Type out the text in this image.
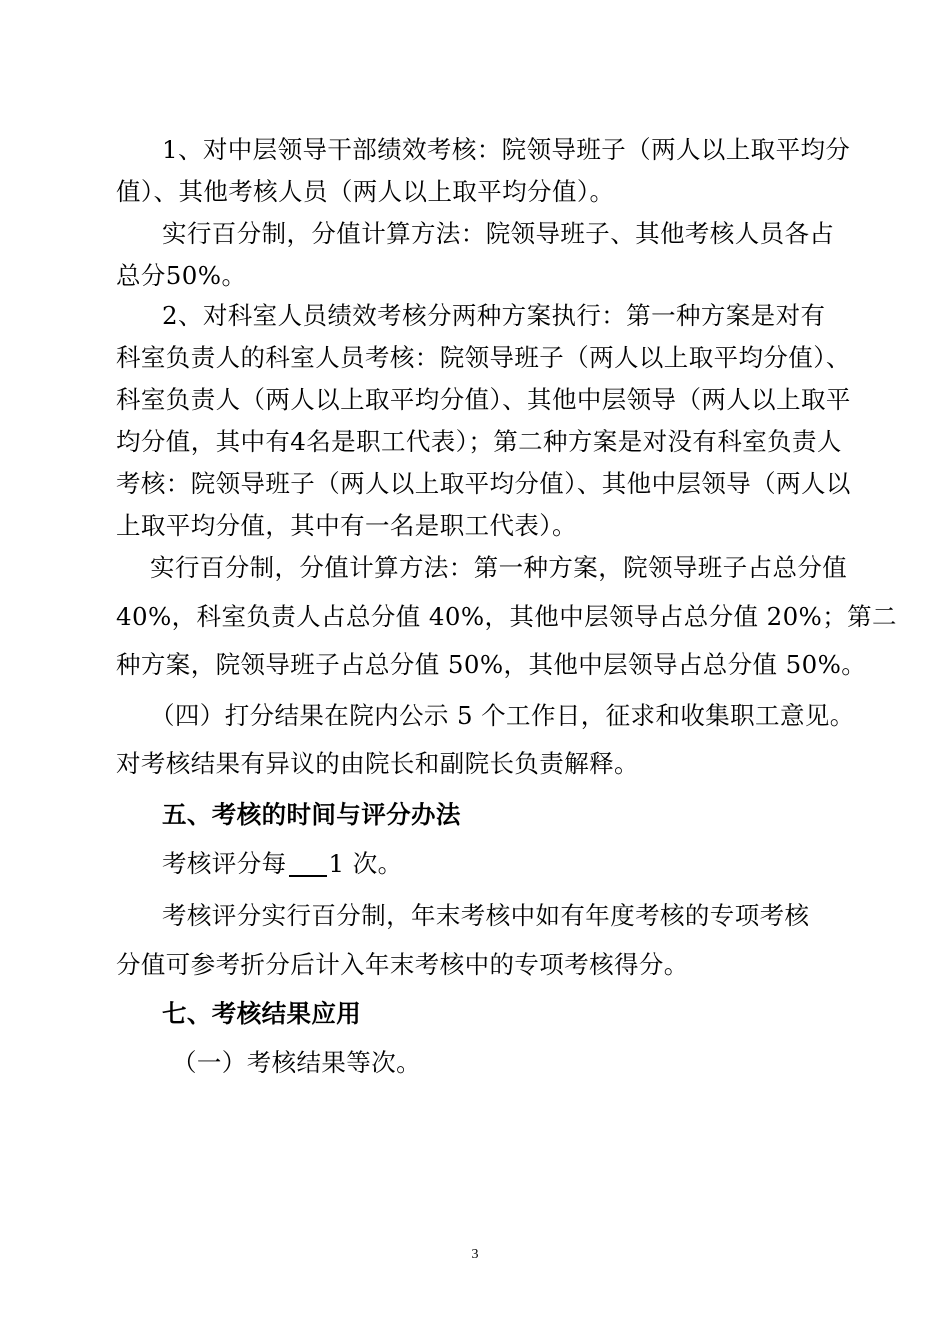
1、对中层领导干部绩效考核：院领导班子（两人以上取平均分
值）、其他考核人员（两人以上取平均分值）。
实行百分制，分值计算方法：院领导班子、其他考核人员各占
总分50%。
2、对科室人员绩效考核分两种方案执行：第一种方案是对有
科室负责人的科室人员考核：院领导班子（两人以上取平均分值）、
科室负责人（两人以上取平均分值）、其他中层领导（两人以上取平
均分值，其中有4名是职工代表）；第二种方案是对没有科室负责人
考核：院领导班子（两人以上取平均分值）、其他中层领导（两人以
上取平均分值，其中有一名是职工代表）。
实行百分制，分值计算方法：第一种方案，院领导班子占总分值
40%，科室负责人占总分值 40%，其他中层领导占总分值 20%；第二
种方案，院领导班子占总分值 50%，其他中层领导占总分值 50%。
（四）打分结果在院内公示 5 个工作日，征求和收集职工意见。
对考核结果有异议的由院长和副院长负责解释。
五、考核的时间与评分办法
考核评分每 1 次。
考核评分实行百分制，年末考核中如有年度考核的专项考核
分值可参考折分后计入年末考核中的专项考核得分。
七、考核结果应用
（一）考核结果等次。
3
